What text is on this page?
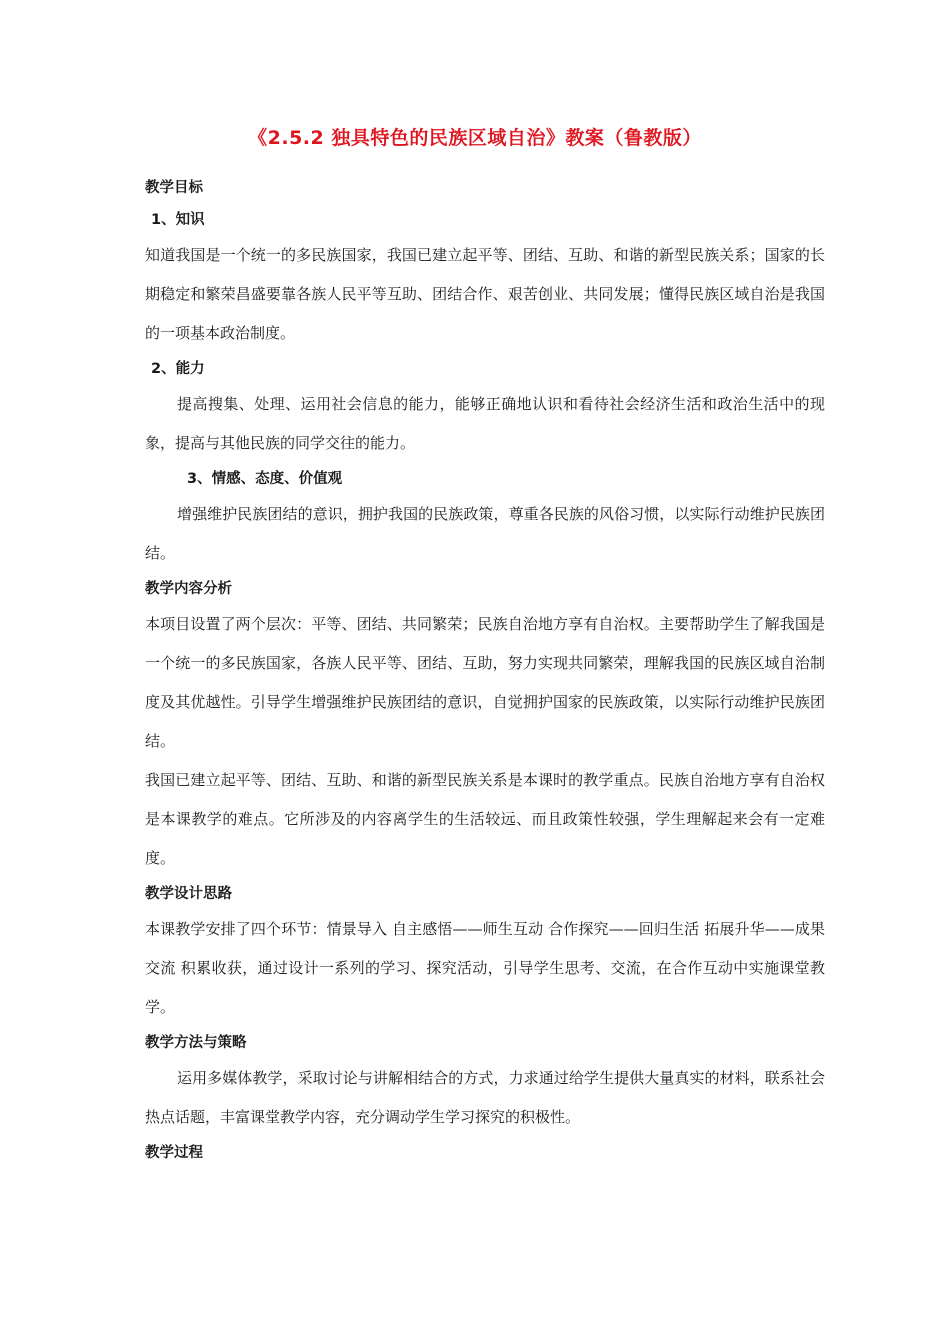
《2.5.2 独具特色的民族区域自治》教案（鲁教版）
教学目标
1、知识

知道我国是一个统一的多民族国家，我国已建立起平等、团结、互助、和谐的新型民族关系；国家的长期稳定和繁荣昌盛要靠各族人民平等互助、团结合作、艰苦创业、共同发展；懂得民族区域自治是我国的一项基本政治制度。

2、能力

提高搜集、处理、运用社会信息的能力，能够正确地认识和看待社会经济生活和政治生活中的现象，提高与其他民族的同学交往的能力。

3、情感、态度、价值观

增强维护民族团结的意识，拥护我国的民族政策，尊重各民族的风俗习惯，以实际行动维护民族团结。

教学内容分析

本项目设置了两个层次：平等、团结、共同繁荣；民族自治地方享有自治权。主要帮助学生了解我国是一个统一的多民族国家，各族人民平等、团结、互助，努力实现共同繁荣，理解我国的民族区域自治制度及其优越性。引导学生增强维护民族团结的意识，自觉拥护国家的民族政策，以实际行动维护民族团结。

我国已建立起平等、团结、互助、和谐的新型民族关系是本课时的教学重点。民族自治地方享有自治权是本课教学的难点。它所涉及的内容离学生的生活较远、而且政策性较强，学生理解起来会有一定难度。

教学设计思路

本课教学安排了四个环节：情景导入 自主感悟——师生互动 合作探究——回归生活 拓展升华——成果交流 积累收获，通过设计一系列的学习、探究活动，引导学生思考、交流，在合作互动中实施课堂教学。

教学方法与策略

运用多媒体教学，采取讨论与讲解相结合的方式，力求通过给学生提供大量真实的材料，联系社会热点话题，丰富课堂教学内容，充分调动学生学习探究的积极性。

教学过程
